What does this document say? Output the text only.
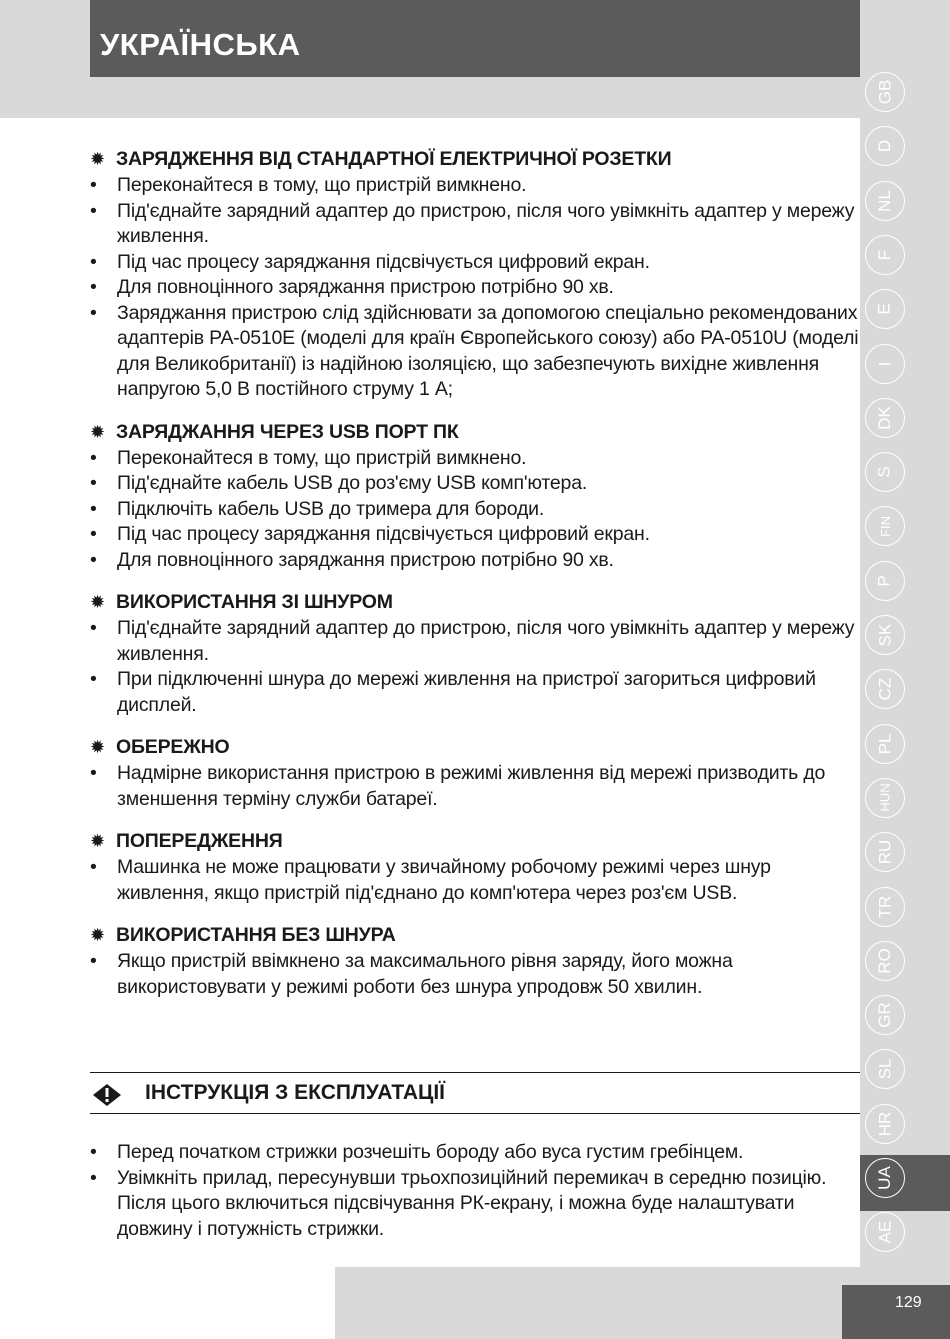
УКРАЇНСЬКА
129
GB
D
NL
F
E
I
DK
S
FIN
P
SK
CZ
PL
HUN
RU
TR
RO
GR
SL
HR
UA
AE
✹ ЗАРЯДЖЕННЯ ВІД СТАНДАРТНОЇ ЕЛЕКТРИЧНОЇ РОЗЕТКИ
• Переконайтеся в тому, що пристрій вимкнено.
• Під'єднайте зарядний адаптер до пристрою, після чого увімкніть адаптер у мережу живлення.
• Під час процесу заряджання підсвічується цифровий екран.
• Для повноцінного заряджання пристрою потрібно 90 хв.
• Заряджання пристрою слід здійснювати за допомогою спеціально рекомендованих адаптерів PA-0510E (моделі для країн Європейського союзу) або PA-0510U (моделі для Великобританії) із надійною ізоляцією, що забезпечують вихідне живлення напругою 5,0 В постійного струму 1 А;
✹ ЗАРЯДЖАННЯ ЧЕРЕЗ USB ПОРТ ПК
• Переконайтеся в тому, що пристрій вимкнено.
• Під'єднайте кабель USB до роз'єму USB комп'ютера.
• Підключіть кабель USB до тримера для бороди.
• Під час процесу заряджання підсвічується цифровий екран.
• Для повноцінного заряджання пристрою потрібно 90 хв.
✹ ВИКОРИСТАННЯ ЗІ ШНУРОМ
• Під'єднайте зарядний адаптер до пристрою, після чого увімкніть адаптер у мережу живлення.
• При підключенні шнура до мережі живлення на пристрої загориться цифровий дисплей.
✹ ОБЕРЕЖНО
• Надмірне використання пристрою в режимі живлення від мережі призводить до зменшення терміну служби батареї.
✹ ПОПЕРЕДЖЕННЯ
• Машинка не може працювати у звичайному робочому режимі через шнур живлення, якщо пристрій під'єднано до комп'ютера через роз'єм USB.
✹ ВИКОРИСТАННЯ БЕЗ ШНУРА
• Якщо пристрій ввімкнено за максимального рівня заряду, його можна використовувати у режимі роботи без шнура упродовж 50 хвилин.
ІНСТРУКЦІЯ З ЕКСПЛУАТАЦІЇ
• Перед початком стрижки розчешіть бороду або вуса густим гребінцем.
• Увімкніть прилад, пересунувши трьохпозиційний перемикач в середню позицію. Після цього включиться підсвічування РК-екрану, і можна буде налаштувати довжину і потужність стрижки.
